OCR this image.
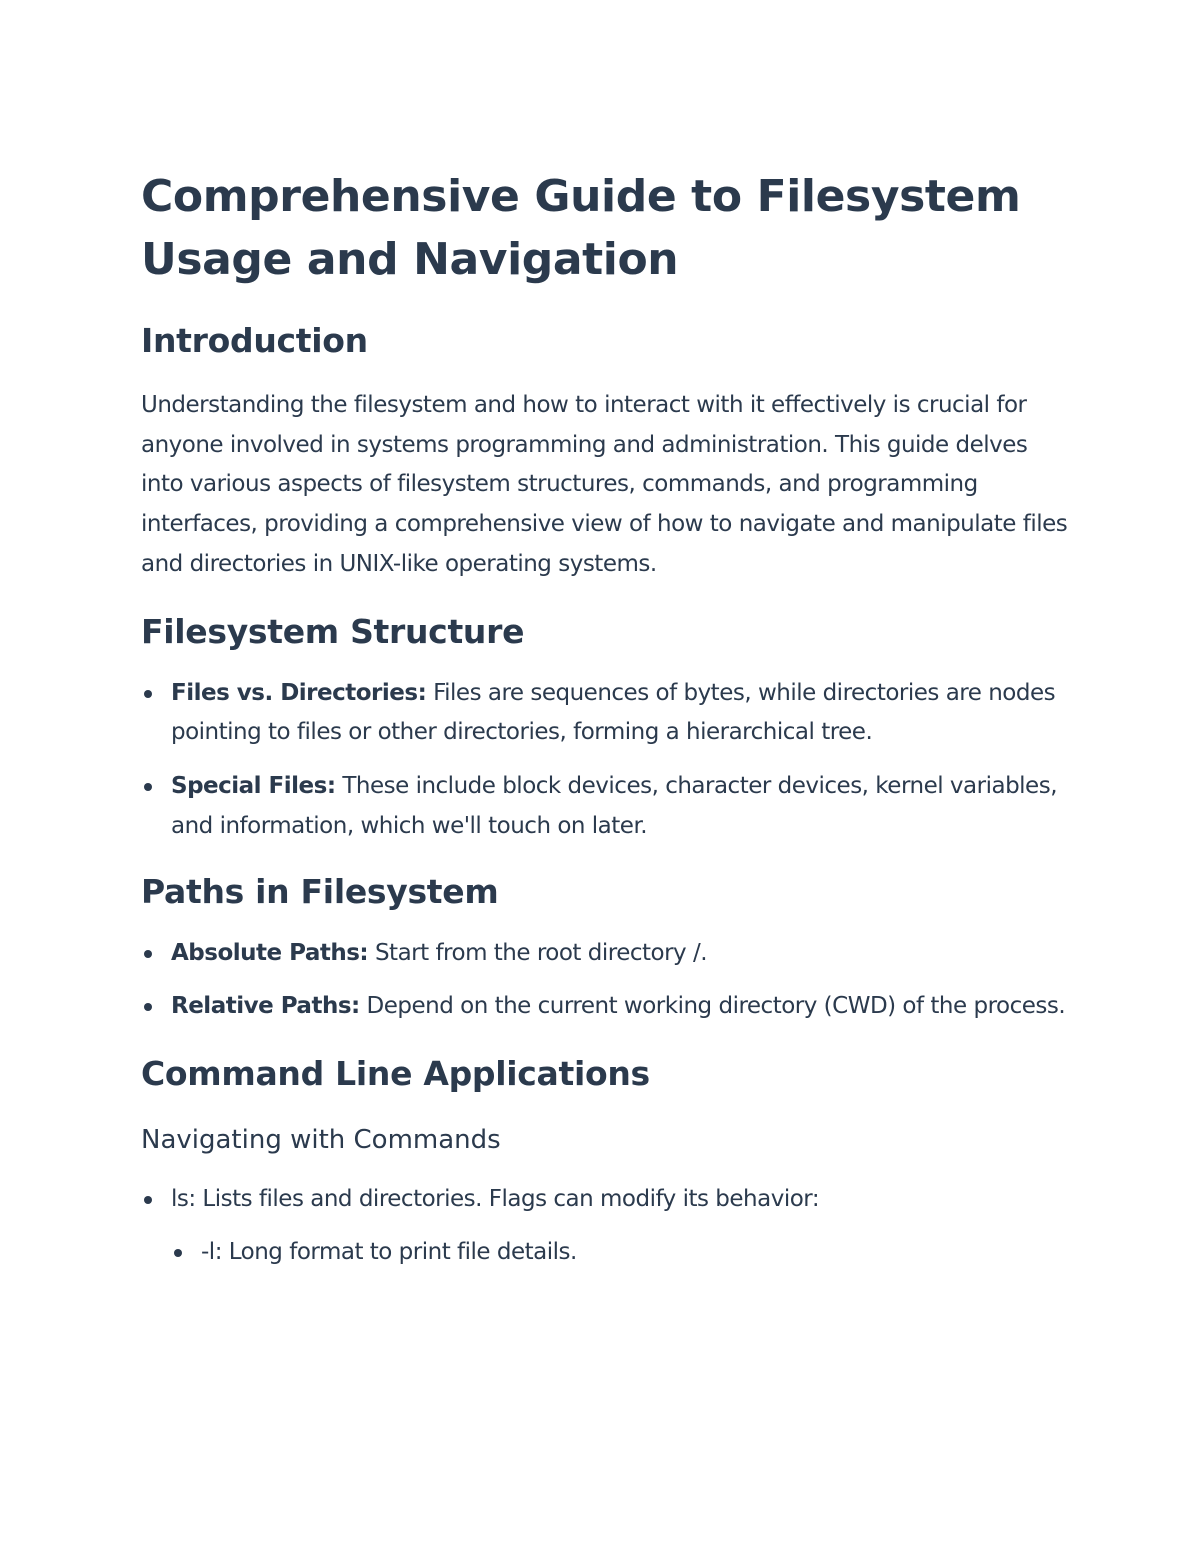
Comprehensive Guide to Filesystem Usage and Navigation
Introduction

Understanding the filesystem and how to interact with it effectively is crucial for anyone involved in systems programming and administration. This guide delves into various aspects of filesystem structures, commands, and programming interfaces, providing a comprehensive view of how to navigate and manipulate files and directories in UNIX-like operating systems.

Filesystem Structure
Files vs. Directories: Files are sequences of bytes, while directories are nodes pointing to files or other directories, forming a hierarchical tree.
Special Files: These include block devices, character devices, kernel variables, and information, which we'll touch on later.
Paths in Filesystem
Absolute Paths: Start from the root directory /.
Relative Paths: Depend on the current working directory (CWD) of the process.
Command Line Applications
Navigating with Commands
ls: Lists files and directories. Flags can modify its behavior:
-l: Long format to print file details.
